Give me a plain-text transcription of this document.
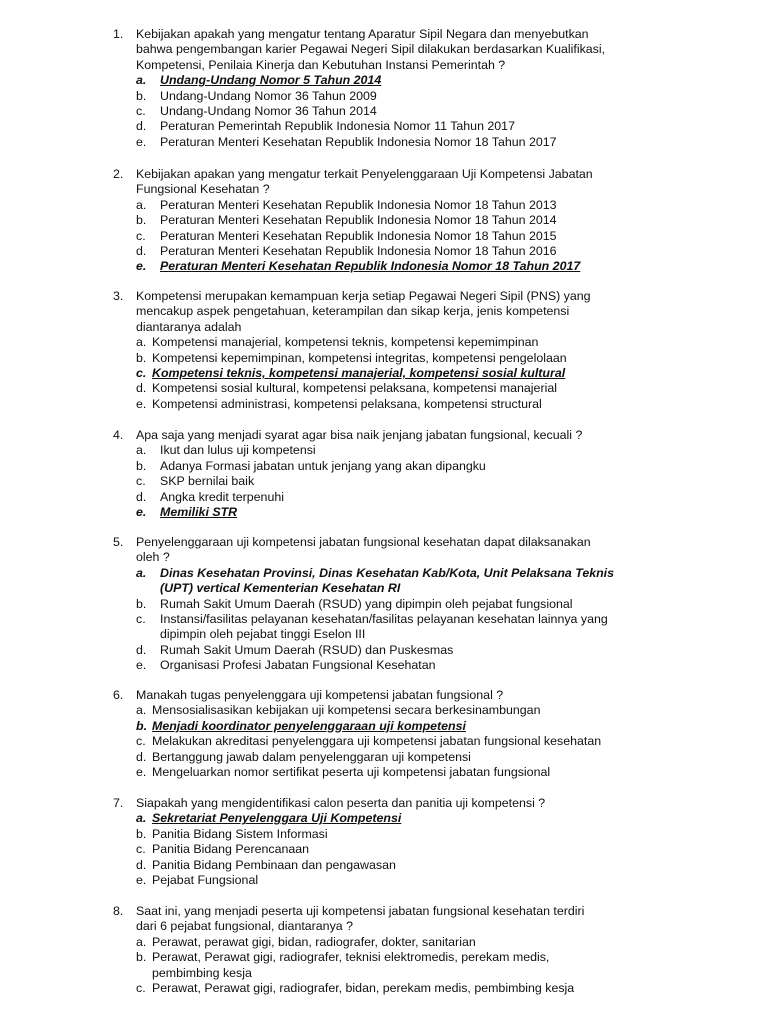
1. Kebijakan apakah yang mengatur tentang Aparatur Sipil Negara dan menyebutkan
bahwa pengembangan karier Pegawai Negeri Sipil dilakukan berdasarkan Kualifikasi,
Kompetensi, Penilaia Kinerja dan Kebutuhan Instansi Pemerintah ?
a. Undang-Undang Nomor 5 Tahun 2014
b. Undang-Undang Nomor 36 Tahun 2009
c. Undang-Undang Nomor 36 Tahun 2014
d. Peraturan Pemerintah Republik Indonesia Nomor 11 Tahun 2017
e. Peraturan Menteri Kesehatan Republik Indonesia Nomor 18 Tahun 2017
2. Kebijakan apakan yang mengatur terkait Penyelenggaraan Uji Kompetensi Jabatan
Fungsional Kesehatan ?
a. Peraturan Menteri Kesehatan Republik Indonesia Nomor 18 Tahun 2013
b. Peraturan Menteri Kesehatan Republik Indonesia Nomor 18 Tahun 2014
c. Peraturan Menteri Kesehatan Republik Indonesia Nomor 18 Tahun 2015
d. Peraturan Menteri Kesehatan Republik Indonesia Nomor 18 Tahun 2016
e. Peraturan Menteri Kesehatan Republik Indonesia Nomor 18 Tahun 2017
3. Kompetensi merupakan kemampuan kerja setiap Pegawai Negeri Sipil (PNS) yang
mencakup aspek pengetahuan, keterampilan dan sikap kerja, jenis kompetensi
diantaranya adalah
a. Kompetensi manajerial, kompetensi teknis, kompetensi kepemimpinan
b. Kompetensi kepemimpinan, kompetensi integritas, kompetensi pengelolaan
c. Kompetensi teknis, kompetensi manajerial, kompetensi sosial kultural
d. Kompetensi sosial kultural, kompetensi pelaksana, kompetensi manajerial
e. Kompetensi administrasi, kompetensi pelaksana, kompetensi structural
4. Apa saja yang menjadi syarat agar bisa naik jenjang jabatan fungsional, kecuali ?
a. Ikut dan lulus uji kompetensi
b. Adanya Formasi jabatan untuk jenjang yang akan dipangku
c. SKP bernilai baik
d. Angka kredit terpenuhi
e. Memiliki STR
5. Penyelenggaraan uji kompetensi jabatan fungsional kesehatan dapat dilaksanakan
oleh ?
a. Dinas Kesehatan Provinsi, Dinas Kesehatan Kab/Kota, Unit Pelaksana Teknis
(UPT) vertical Kementerian Kesehatan RI
b. Rumah Sakit Umum Daerah (RSUD) yang dipimpin oleh pejabat fungsional
c. Instansi/fasilitas pelayanan kesehatan/fasilitas pelayanan kesehatan lainnya yang
dipimpin oleh pejabat tinggi Eselon III
d. Rumah Sakit Umum Daerah (RSUD) dan Puskesmas
e. Organisasi Profesi Jabatan Fungsional Kesehatan
6. Manakah tugas penyelenggara uji kompetensi jabatan fungsional ?
a. Mensosialisasikan kebijakan uji kompetensi secara berkesinambungan
b. Menjadi koordinator penyelenggaraan uji kompetensi
c. Melakukan akreditasi penyelenggara uji kompetensi jabatan fungsional kesehatan
d. Bertanggung jawab dalam penyelenggaran uji kompetensi
e. Mengeluarkan nomor sertifikat peserta uji kompetensi jabatan fungsional
7. Siapakah yang mengidentifikasi calon peserta dan panitia uji kompetensi ?
a. Sekretariat Penyelenggara Uji Kompetensi
b. Panitia Bidang Sistem Informasi
c. Panitia Bidang Perencanaan
d. Panitia Bidang Pembinaan dan pengawasan
e. Pejabat Fungsional
8. Saat ini, yang menjadi peserta uji kompetensi jabatan fungsional kesehatan terdiri
dari 6 pejabat fungsional, diantaranya ?
a. Perawat, perawat gigi, bidan, radiografer, dokter, sanitarian
b. Perawat, Perawat gigi, radiografer, teknisi elektromedis, perekam medis,
pembimbing kesja
c. Perawat, Perawat gigi, radiografer, bidan, perekam medis, pembimbing kesja
